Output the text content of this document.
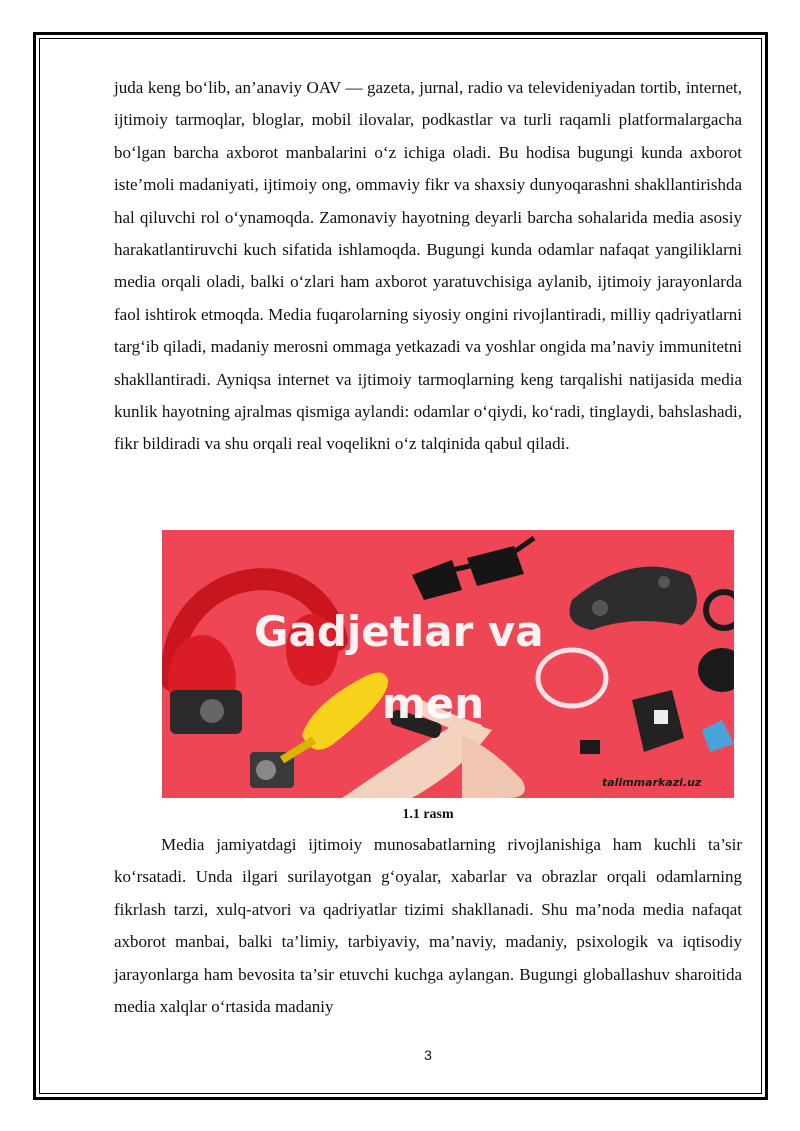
juda keng bo‘lib, an’anaviy OAV — gazeta, jurnal, radio va televideniyadan tortib, internet, ijtimoiy tarmoqlar, bloglar, mobil ilovalar, podkastlar va turli raqamli platformalargacha bo‘lgan barcha axborot manbalarini o‘z ichiga oladi. Bu hodisa bugungi kunda axborot iste’moli madaniyati, ijtimoiy ong, ommaviy fikr va shaxsiy dunyoqarashni shakllantirishda hal qiluvchi rol o‘ynamoqda. Zamonaviy hayotning deyarli barcha sohalarida media asosiy harakatlantiruvchi kuch sifatida ishlamoqda. Bugungi kunda odamlar nafaqat yangiliklarni media orqali oladi, balki o‘zlari ham axborot yaratuvchisiga aylanib, ijtimoiy jarayonlarda faol ishtirok etmoqda. Media fuqarolarning siyosiy ongini rivojlantiradi, milliy qadriyatlarni targ‘ib qiladi, madaniy merosni ommaga yetkazadi va yoshlar ongida ma’naviy immunitetni shakllantiradi. Ayniqsa internet va ijtimoiy tarmoqlarning keng tarqalishi natijasida media kunlik hayotning ajralmas qismiga aylandi: odamlar o‘qiydi, ko‘radi, tinglaydi, bahslashadi, fikr bildiradi va shu orqali real voqelikni o‘z talqinida qabul qiladi.

Gadjetlar va
men
talimmarkazi.uz
1.1 rasm

Media jamiyatdagi ijtimoiy munosabatlarning rivojlanishiga ham kuchli ta’sir ko‘rsatadi. Unda ilgari surilayotgan g‘oyalar, xabarlar va obrazlar orqali odamlarning fikrlash tarzi, xulq-atvori va qadriyatlar tizimi shakllanadi. Shu ma’noda media nafaqat axborot manbai, balki ta’limiy, tarbiyaviy, ma’naviy, madaniy, psixologik va iqtisodiy jarayonlarga ham bevosita ta’sir etuvchi kuchga aylangan. Bugungi globallashuv sharoitida media xalqlar o‘rtasida madaniy

3
